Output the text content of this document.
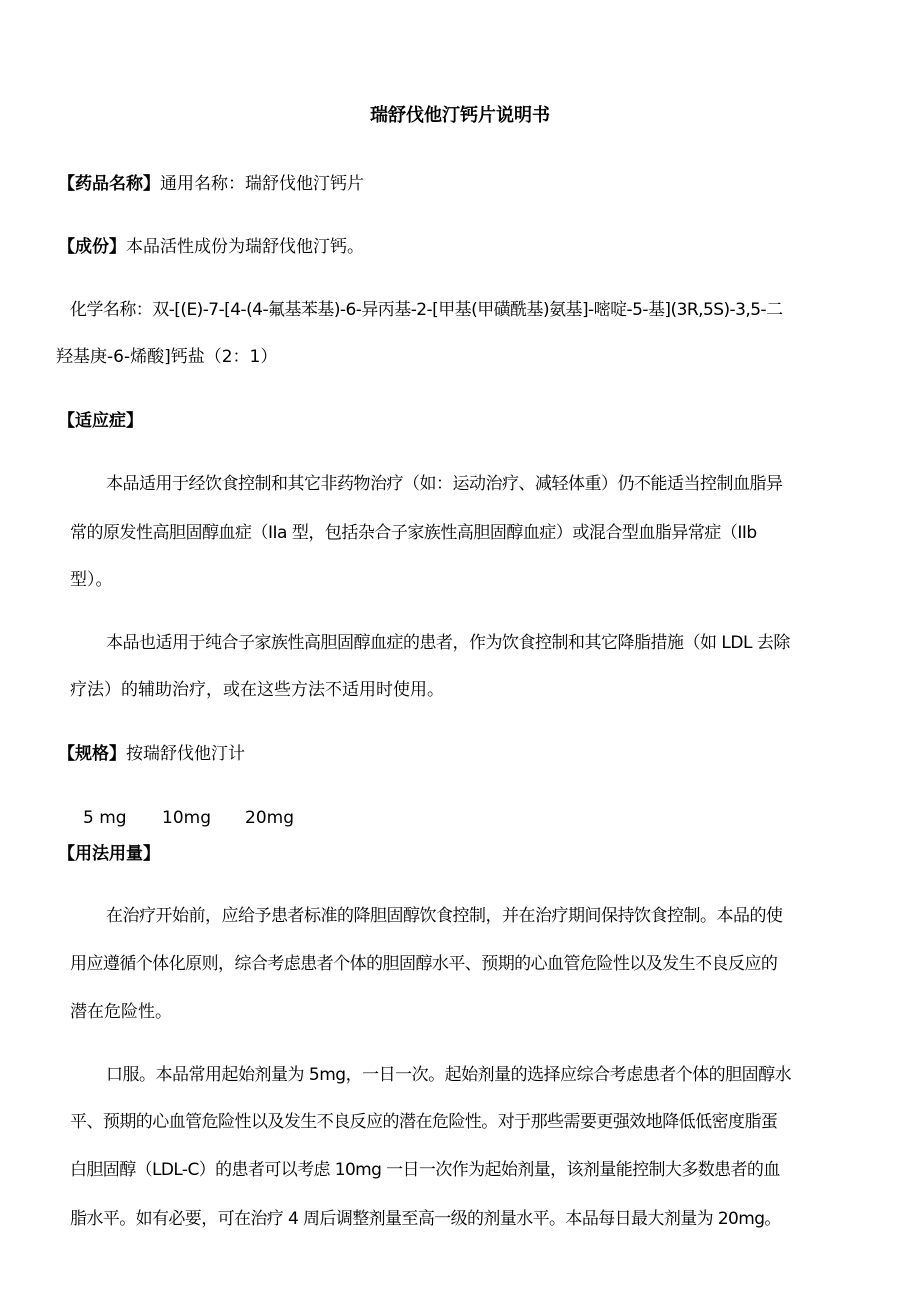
瑞舒伐他汀钙片说明书
【药品名称】通用名称：瑞舒伐他汀钙片
【成份】本品活性成份为瑞舒伐他汀钙。
化学名称：双-[(E)-7-[4-(4-氟基苯基)-6-异丙基-2-[甲基(甲磺酰基)氨基]-嘧啶-5-基](3R,5S)-3,5-二
羟基庚-6-烯酸]钙盐（2：1）
【适应症】
本品适用于经饮食控制和其它非药物治疗（如：运动治疗、减轻体重）仍不能适当控制血脂异
常的原发性高胆固醇血症（IIa 型，包括杂合子家族性高胆固醇血症）或混合型血脂异常症（IIb
型）。
本品也适用于纯合子家族性高胆固醇血症的患者，作为饮食控制和其它降脂措施（如 LDL 去除
疗法）的辅助治疗，或在这些方法不适用时使用。
【规格】按瑞舒伐他汀计
5 mg 10mg 20mg
【用法用量】
在治疗开始前，应给予患者标准的降胆固醇饮食控制，并在治疗期间保持饮食控制。本品的使
用应遵循个体化原则，综合考虑患者个体的胆固醇水平、预期的心血管危险性以及发生不良反应的
潜在危险性。
口服。本品常用起始剂量为 5mg，一日一次。起始剂量的选择应综合考虑患者个体的胆固醇水
平、预期的心血管危险性以及发生不良反应的潜在危险性。对于那些需要更强效地降低低密度脂蛋
白胆固醇（LDL-C）的患者可以考虑 10mg 一日一次作为起始剂量，该剂量能控制大多数患者的血
脂水平。如有必要，可在治疗 4 周后调整剂量至高一级的剂量水平。本品每日最大剂量为 20mg。
